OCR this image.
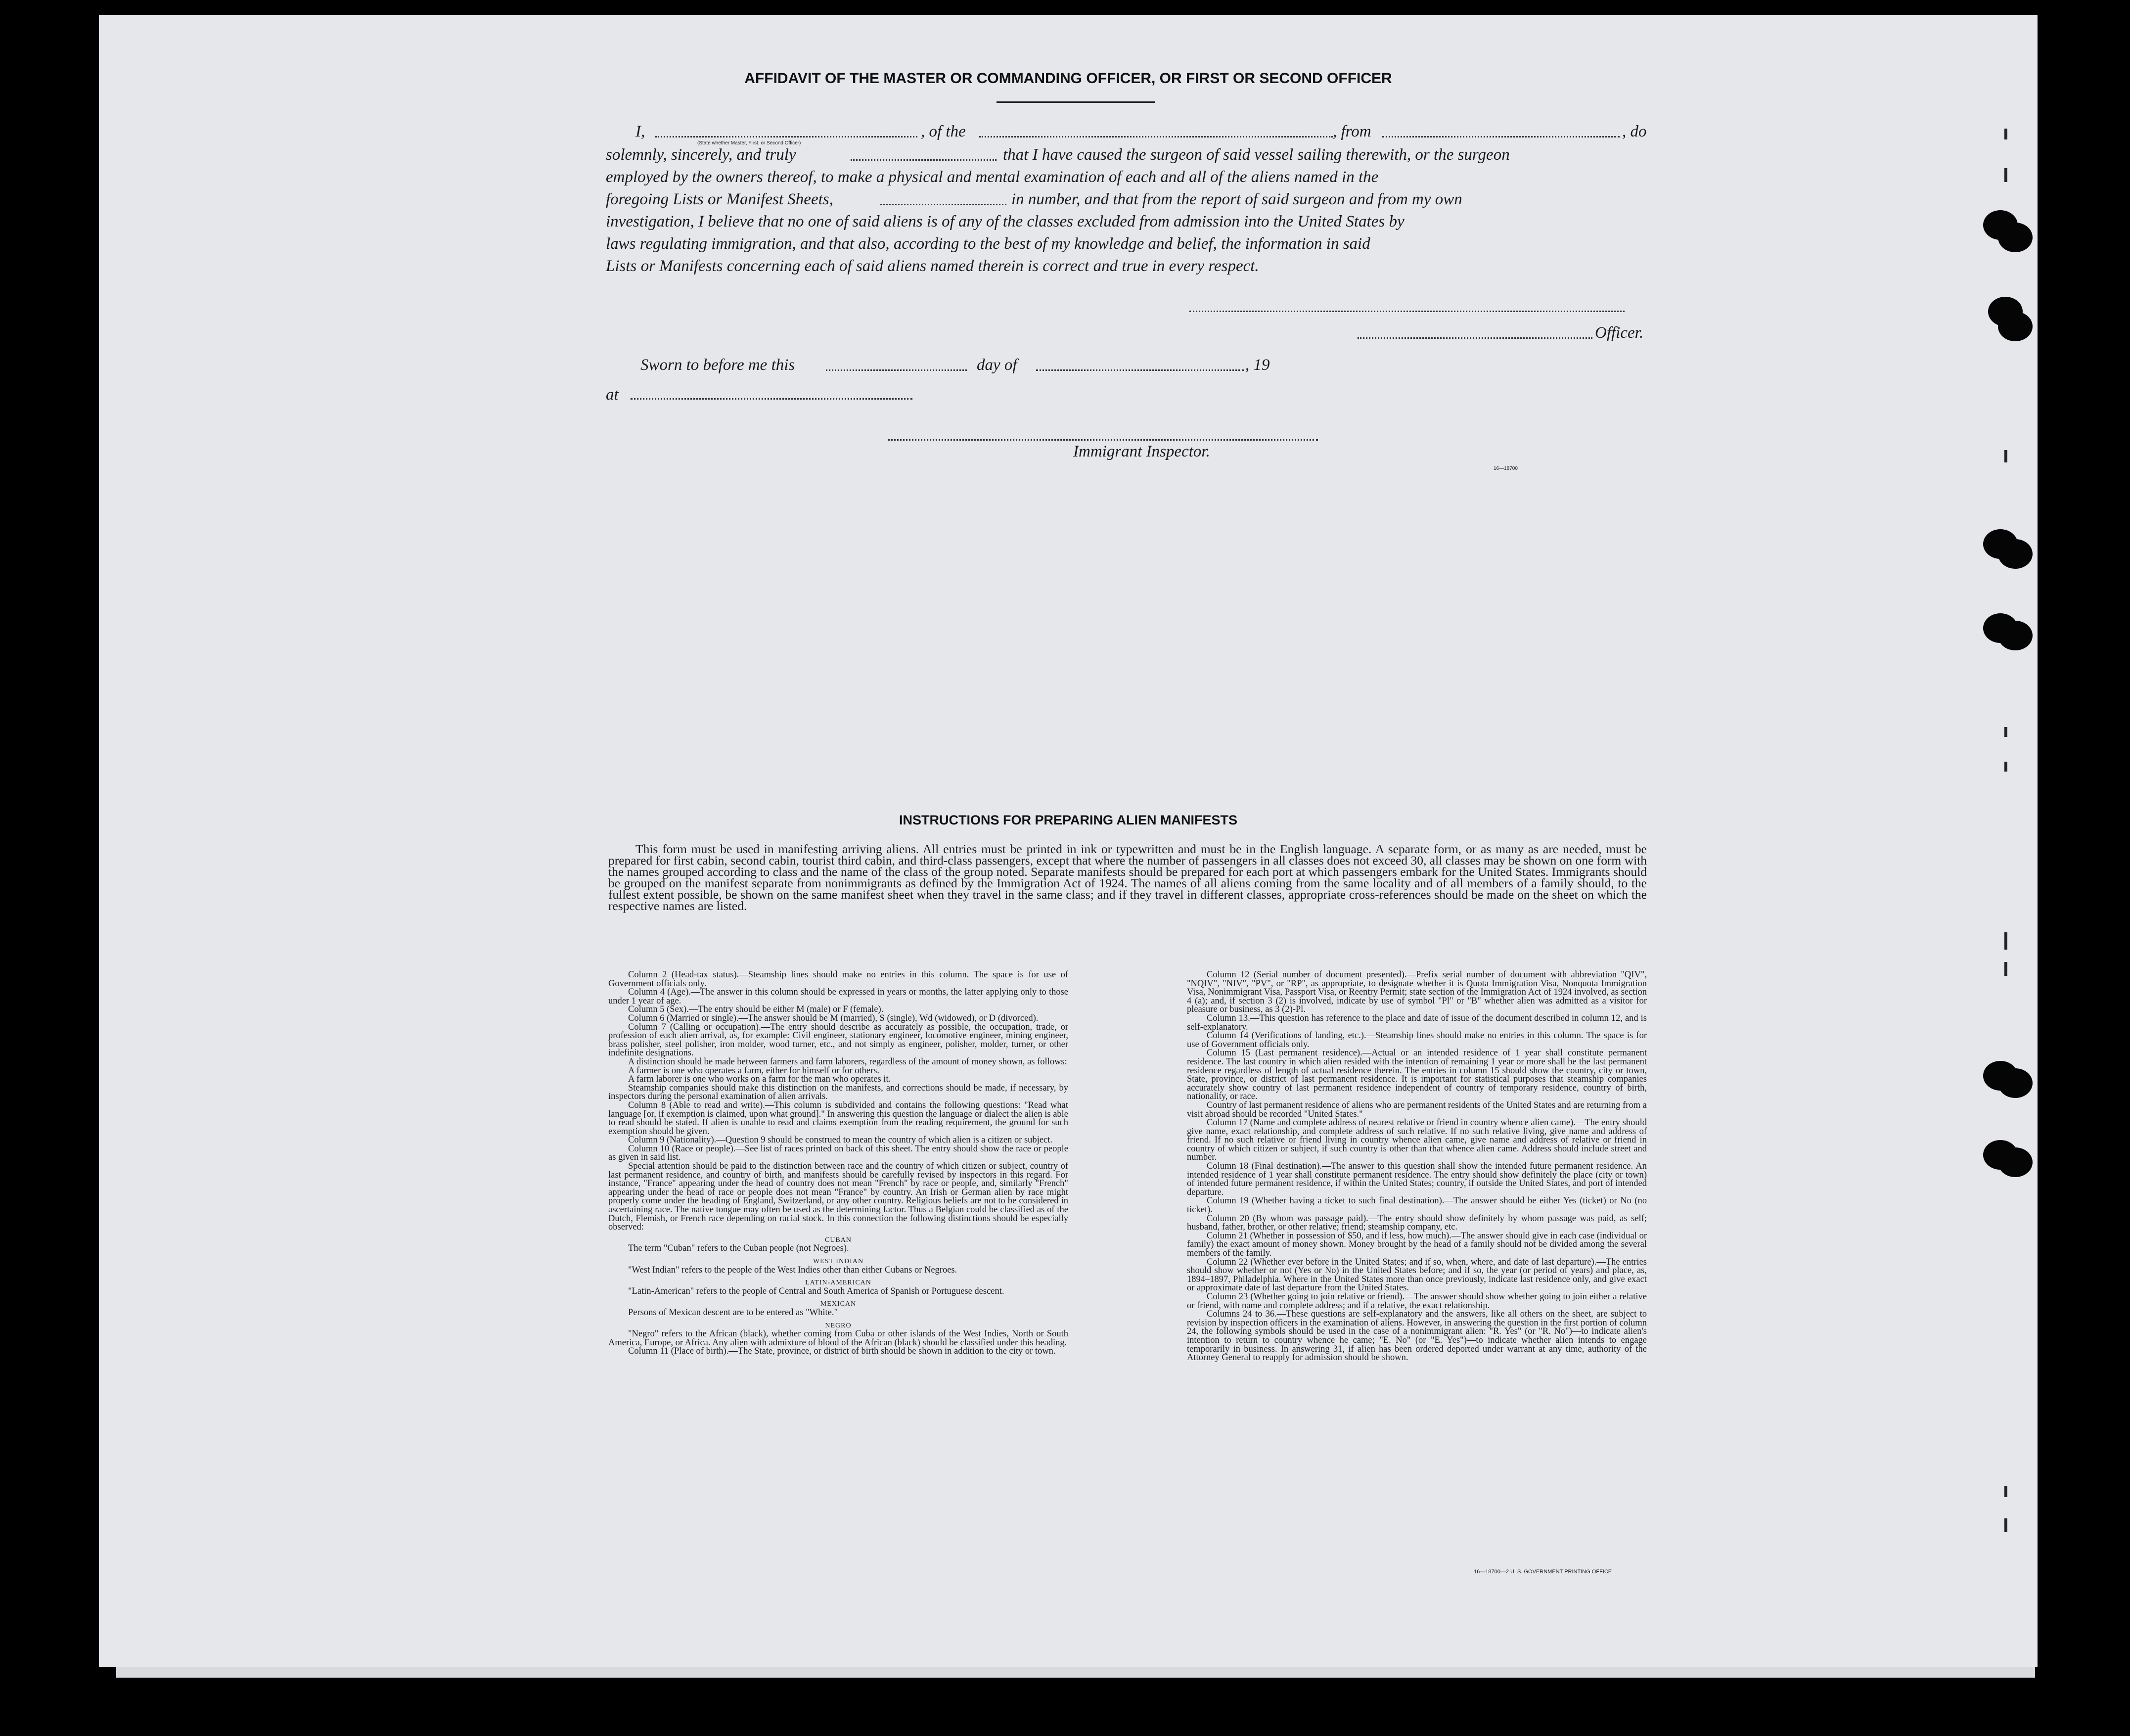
AFFIDAVIT OF THE MASTER OR COMMANDING OFFICER, OR FIRST OR SECOND OFFICER
I,	, of the	, from	, do
(State whether Master, First, or Second Officer)
solemnly, sincerely, and truly	that I have caused the surgeon of said vessel sailing therewith, or the surgeon
employed by the owners thereof, to make a physical and mental examination of each and all of the aliens named in the
foregoing Lists or Manifest Sheets,	in number, and that from the report of said surgeon and from my own
investigation, I believe that no one of said aliens is of any of the classes excluded from admission into the United States by
laws regulating immigration, and that also, according to the best of my knowledge and belief, the information in said
Lists or Manifests concerning each of said aliens named therein is correct and true in every respect.
Officer.
Sworn to before me this	day of	, 19
at
Immigrant Inspector.
16—18700
INSTRUCTIONS FOR PREPARING ALIEN MANIFESTS
This form must be used in manifesting arriving aliens. All entries must be printed in ink or typewritten and must be in the English language. A separate form, or as many as are needed, must be prepared for first cabin, second cabin, tourist third cabin, and third-class passengers, except that where the number of passengers in all classes does not exceed 30, all classes may be shown on one form with the names grouped according to class and the name of the class of the group noted. Separate manifests should be prepared for each port at which passengers embark for the United States. Immigrants should be grouped on the manifest separate from nonimmigrants as defined by the Immigration Act of 1924. The names of all aliens coming from the same locality and of all members of a family should, to the fullest extent possible, be shown on the same manifest sheet when they travel in the same class; and if they travel in different classes, appropriate cross-references should be made on the sheet on which the respective names are listed.

Column 2 (Head-tax status).—Steamship lines should make no entries in this column. The space is for use of Government officials only.

Column 4 (Age).—The answer in this column should be expressed in years or months, the latter applying only to those under 1 year of age.

Column 5 (Sex).—The entry should be either M (male) or F (female).

Column 6 (Married or single).—The answer should be M (married), S (single), Wd (widowed), or D (divorced).

Column 7 (Calling or occupation).—The entry should describe as accurately as possible, the occupation, trade, or profession of each alien arrival, as, for example: Civil engineer, stationary engineer, locomotive engineer, mining engineer, brass polisher, steel polisher, iron molder, wood turner, etc., and not simply as engineer, polisher, molder, turner, or other indefinite designations.

A distinction should be made between farmers and farm laborers, regardless of the amount of money shown, as follows:

A farmer is one who operates a farm, either for himself or for others.

A farm laborer is one who works on a farm for the man who operates it.

Steamship companies should make this distinction on the manifests, and corrections should be made, if necessary, by inspectors during the personal examination of alien arrivals.

Column 8 (Able to read and write).—This column is subdivided and contains the following questions: "Read what language [or, if exemption is claimed, upon what ground]." In answering this question the language or dialect the alien is able to read should be stated. If alien is unable to read and claims exemption from the reading requirement, the ground for such exemption should be given.

Column 9 (Nationality).—Question 9 should be construed to mean the country of which alien is a citizen or subject.

Column 10 (Race or people).—See list of races printed on back of this sheet. The entry should show the race or people as given in said list.

Special attention should be paid to the distinction between race and the country of which citizen or subject, country of last permanent residence, and country of birth, and manifests should be carefully revised by inspectors in this regard. For instance, "France" appearing under the head of country does not mean "French" by race or people, and, similarly "French" appearing under the head of race or people does not mean "France" by country. An Irish or German alien by race might properly come under the heading of England, Switzerland, or any other country. Religious beliefs are not to be considered in ascertaining race. The native tongue may often be used as the determining factor. Thus a Belgian could be classified as of the Dutch, Flemish, or French race depending on racial stock. In this connection the following distinctions should be especially observed:

CUBAN

The term "Cuban" refers to the Cuban people (not Negroes).

WEST INDIAN

"West Indian" refers to the people of the West Indies other than either Cubans or Negroes.

LATIN-AMERICAN

"Latin-American" refers to the people of Central and South America of Spanish or Portuguese descent.

MEXICAN

Persons of Mexican descent are to be entered as "White."

NEGRO

"Negro" refers to the African (black), whether coming from Cuba or other islands of the West Indies, North or South America, Europe, or Africa. Any alien with admixture of blood of the African (black) should be classified under this heading.

Column 11 (Place of birth).—The State, province, or district of birth should be shown in addition to the city or town.

Column 12 (Serial number of document presented).—Prefix serial number of document with abbreviation "QIV", "NQIV", "NIV", "PV", or "RP", as appropriate, to designate whether it is Quota Immigration Visa, Nonquota Immigration Visa, Nonimmigrant Visa, Passport Visa, or Reentry Permit; state section of the Immigration Act of 1924 involved, as section 4 (a); and, if section 3 (2) is involved, indicate by use of symbol "Pl" or "B" whether alien was admitted as a visitor for pleasure or business, as 3 (2)-Pl.

Column 13.—This question has reference to the place and date of issue of the document described in column 12, and is self-explanatory.

Column 14 (Verifications of landing, etc.).—Steamship lines should make no entries in this column. The space is for use of Government officials only.

Column 15 (Last permanent residence).—Actual or an intended residence of 1 year shall constitute permanent residence. The last country in which alien resided with the intention of remaining 1 year or more shall be the last permanent residence regardless of length of actual residence therein. The entries in column 15 should show the country, city or town, State, province, or district of last permanent residence. It is important for statistical purposes that steamship companies accurately show country of last permanent residence independent of country of temporary residence, country of birth, nationality, or race.

Country of last permanent residence of aliens who are permanent residents of the United States and are returning from a visit abroad should be recorded "United States."

Column 17 (Name and complete address of nearest relative or friend in country whence alien came).—The entry should give name, exact relationship, and complete address of such relative. If no such relative living, give name and address of friend. If no such relative or friend living in country whence alien came, give name and address of relative or friend in country of which citizen or subject, if such country is other than that whence alien came. Address should include street and number.

Column 18 (Final destination).—The answer to this question shall show the intended future permanent residence. An intended residence of 1 year shall constitute permanent residence. The entry should show definitely the place (city or town) of intended future permanent residence, if within the United States; country, if outside the United States, and port of intended departure.

Column 19 (Whether having a ticket to such final destination).—The answer should be either Yes (ticket) or No (no ticket).

Column 20 (By whom was passage paid).—The entry should show definitely by whom passage was paid, as self; husband, father, brother, or other relative; friend; steamship company, etc.

Column 21 (Whether in possession of $50, and if less, how much).—The answer should give in each case (individual or family) the exact amount of money shown. Money brought by the head of a family should not be divided among the several members of the family.

Column 22 (Whether ever before in the United States; and if so, when, where, and date of last departure).—The entries should show whether or not (Yes or No) in the United States before; and if so, the year (or period of years) and place, as, 1894–1897, Philadelphia. Where in the United States more than once previously, indicate last residence only, and give exact or approximate date of last departure from the United States.

Column 23 (Whether going to join relative or friend).—The answer should show whether going to join either a relative or friend, with name and complete address; and if a relative, the exact relationship.

Columns 24 to 36.—These questions are self-explanatory and the answers, like all others on the sheet, are subject to revision by inspection officers in the examination of aliens. However, in answering the question in the first portion of column 24, the following symbols should be used in the case of a nonimmigrant alien: "R. Yes" (or "R. No")—to indicate alien's intention to return to country whence he came; "E. No" (or "E. Yes")—to indicate whether alien intends to engage temporarily in business. In answering 31, if alien has been ordered deported under warrant at any time, authority of the Attorney General to reapply for admission should be shown.

16—18700—2 U. S. GOVERNMENT PRINTING OFFICE
